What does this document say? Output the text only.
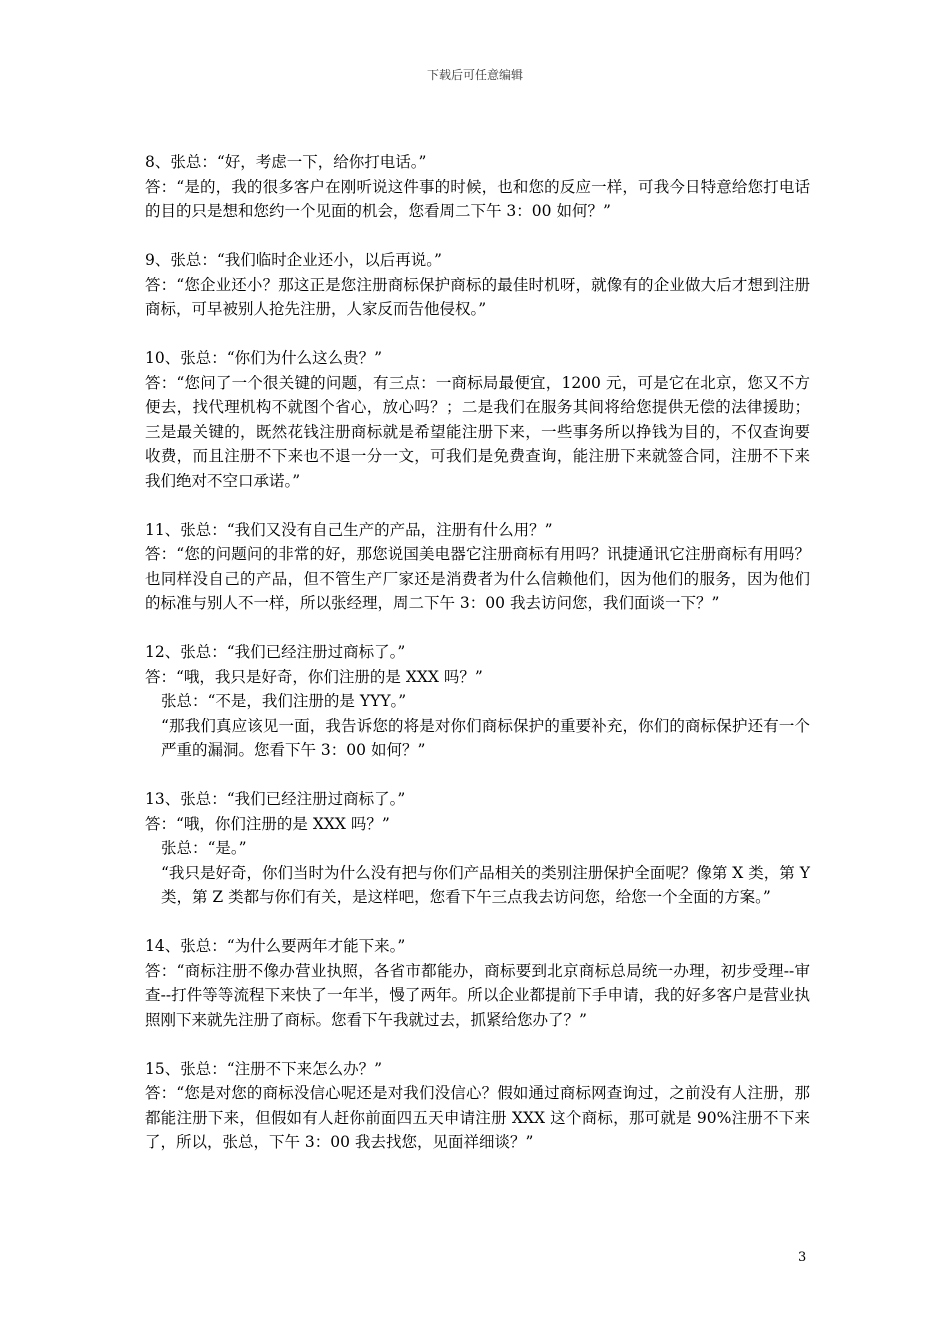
下载后可任意编辑
8、张总：“好，考虑一下，给你打电话。”
答：“是的，我的很多客户在刚听说这件事的时候，也和您的反应一样，可我今日特意给您打电话的目的只是想和您约一个见面的机会，您看周二下午 3：00 如何？”
9、张总：“我们临时企业还小，以后再说。”
答：“您企业还小？那这正是您注册商标保护商标的最佳时机呀，就像有的企业做大后才想到注册商标，可早被别人抢先注册，人家反而告他侵权。”
10、张总：“你们为什么这么贵？”
答：“您问了一个很关键的问题，有三点：一商标局最便宜，1200 元，可是它在北京，您又不方便去，找代理机构不就图个省心，放心吗？；二是我们在服务其间将给您提供无偿的法律援助；三是最关键的，既然花钱注册商标就是希望能注册下来，一些事务所以挣钱为目的，不仅查询要收费，而且注册不下来也不退一分一文，可我们是免费查询，能注册下来就签合同，注册不下来我们绝对不空口承诺。”
11、张总：“我们又没有自己生产的产品，注册有什么用？”
答：“您的问题问的非常的好，那您说国美电器它注册商标有用吗？讯捷通讯它注册商标有用吗？也同样没自己的产品，但不管生产厂家还是消费者为什么信赖他们，因为他们的服务，因为他们的标准与别人不一样，所以张经理，周二下午 3：00 我去访问您，我们面谈一下？”
12、张总：“我们已经注册过商标了。”
答：“哦，我只是好奇，你们注册的是 XXX 吗？”
张总：“不是，我们注册的是 YYY。”
“那我们真应该见一面，我告诉您的将是对你们商标保护的重要补充，你们的商标保护还有一个严重的漏洞。您看下午 3：00 如何？”
13、张总：“我们已经注册过商标了。”
答：“哦，你们注册的是 XXX 吗？”
张总：“是。”
“我只是好奇，你们当时为什么没有把与你们产品相关的类别注册保护全面呢？像第 X 类，第 Y 类，第 Z 类都与你们有关，是这样吧，您看下午三点我去访问您，给您一个全面的方案。”
14、张总：“为什么要两年才能下来。”
答：“商标注册不像办营业执照，各省市都能办，商标要到北京商标总局统一办理，初步受理--审查--打件等等流程下来快了一年半，慢了两年。所以企业都提前下手申请，我的好多客户是营业执照刚下来就先注册了商标。您看下午我就过去，抓紧给您办了？”
15、张总：“注册不下来怎么办？”
答：“您是对您的商标没信心呢还是对我们没信心？假如通过商标网查询过，之前没有人注册，那都能注册下来，但假如有人赶你前面四五天申请注册 XXX 这个商标，那可就是 90%注册不下来了，所以，张总，下午 3：00 我去找您，见面祥细谈？”
3
